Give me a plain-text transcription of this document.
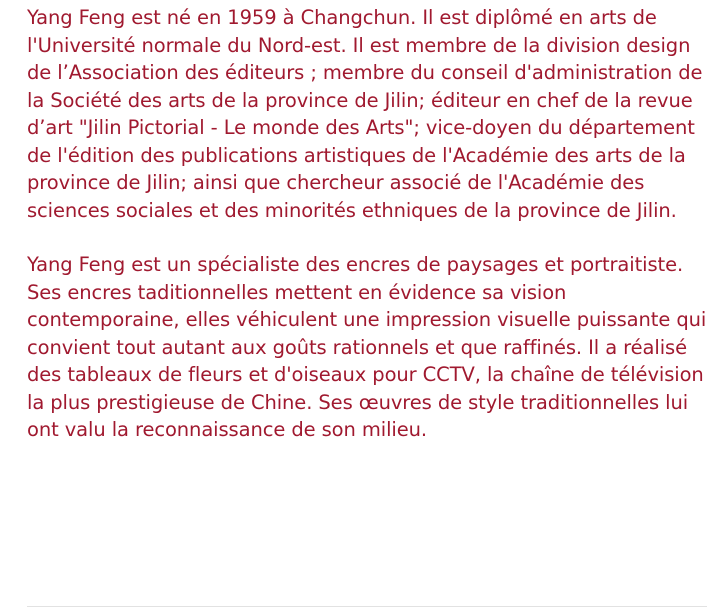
Yang Feng est né en 1959 à Changchun. Il est diplômé en arts de l'Université normale du Nord-est. Il est membre de la division design de l’Association des éditeurs ; membre du conseil d'administration de la Société des arts de la province de Jilin; éditeur en chef de la revue d’art "Jilin Pictorial - Le monde des Arts"; vice-doyen du département de l'édition des publications artistiques de l'Académie des arts de la province de Jilin; ainsi que chercheur associé de l'Académie des sciences sociales et des minorités ethniques de la province de Jilin.

Yang Feng est un spécialiste des encres de paysages et portraitiste. Ses encres taditionnelles mettent en évidence sa vision contemporaine, elles véhiculent une impression visuelle puissante qui convient tout autant aux goûts rationnels et que raffinés. Il a réalisé des tableaux de fleurs et d'oiseaux pour CCTV, la chaîne de télévision la plus prestigieuse de Chine. Ses œuvres de style traditionnelles lui ont valu la reconnaissance de son milieu.
